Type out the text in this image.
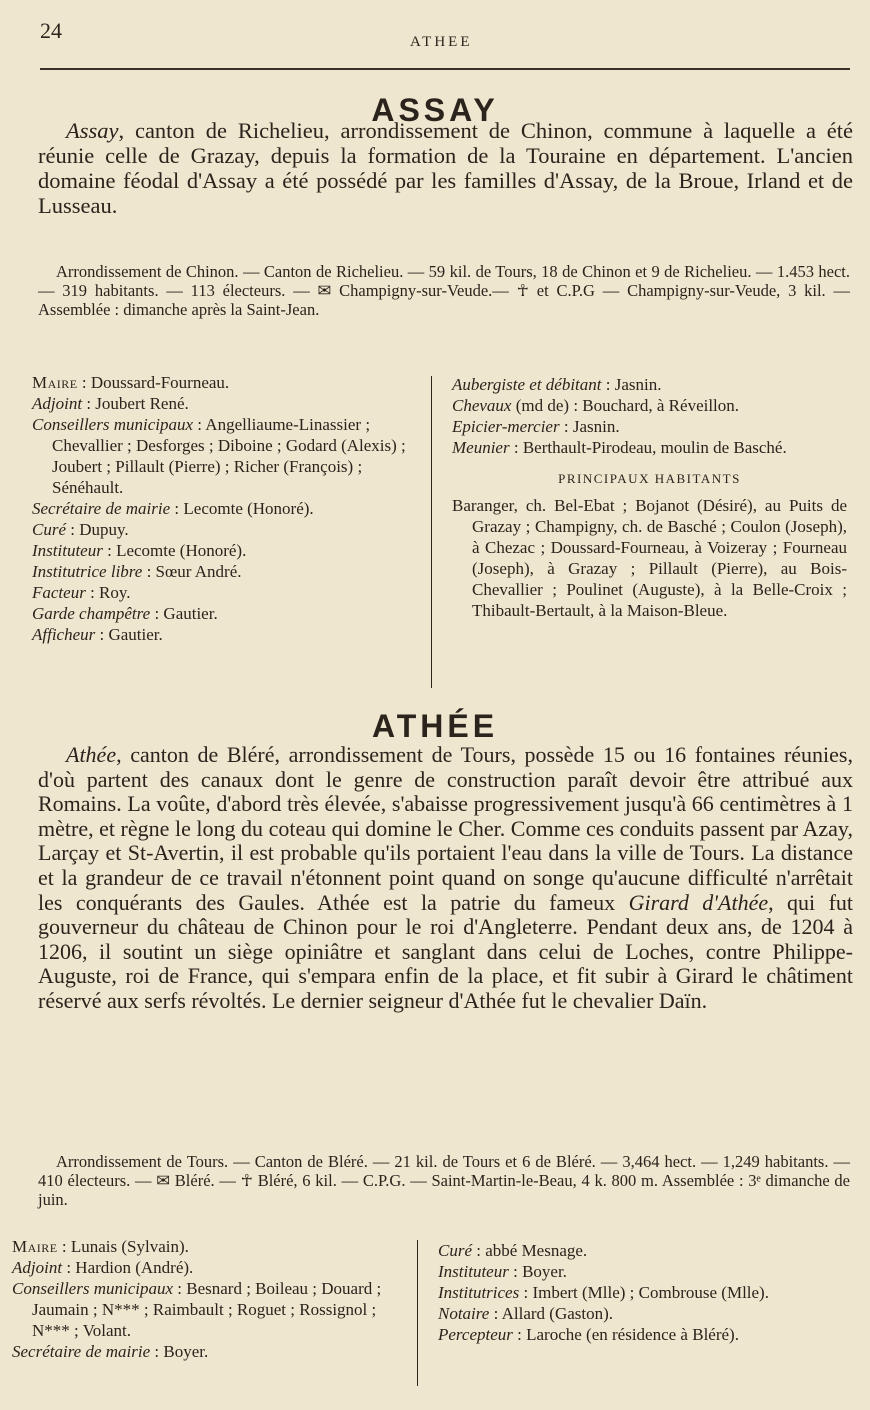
24	ATHEE
ASSAY

Assay, canton de Richelieu, arrondissement de Chinon, commune à laquelle a été réunie celle de Grazay, depuis la formation de la Touraine en département. L'ancien domaine féodal d'Assay a été possédé par les familles d'Assay, de la Broue, Irland et de Lusseau.

Arrondissement de Chinon. — Canton de Richelieu. — 59 kil. de Tours, 18 de Chinon et 9 de Richelieu. — 1.453 hect. — 319 habitants. — 113 électeurs. — ✉ Champigny-sur-Veude.— ☥ et C.P.G — Champigny-sur-Veude, 3 kil. — Assemblée : dimanche après la Saint-Jean.

Maire : Doussard-Fourneau.

Adjoint : Joubert René.

Conseillers municipaux : Angelliaume-Linassier ; Chevallier ; Desforges ; Diboine ; Godard (Alexis) ; Joubert ; Pillault (Pierre) ; Richer (François) ; Sénéhault.

Secrétaire de mairie : Lecomte (Honoré).

Curé : Dupuy.

Instituteur : Lecomte (Honoré).

Institutrice libre : Sœur André.

Facteur : Roy.

Garde champêtre : Gautier.

Afficheur : Gautier.

Aubergiste et débitant : Jasnin.

Chevaux (md de) : Bouchard, à Réveillon.

Epicier-mercier : Jasnin.

Meunier : Berthault-Pirodeau, moulin de Basché.

PRINCIPAUX HABITANTS

Baranger, ch. Bel-Ebat ; Bojanot (Désiré), au Puits de Grazay ; Champigny, ch. de Basché ; Coulon (Joseph), à Chezac ; Doussard-Fourneau, à Voizeray ; Fourneau (Joseph), à Grazay ; Pillault (Pierre), au Bois-Chevallier ; Poulinet (Auguste), à la Belle-Croix ; Thibault-Bertault, à la Maison-Bleue.

ATHÉE

Athée, canton de Bléré, arrondissement de Tours, possède 15 ou 16 fontaines réunies, d'où partent des canaux dont le genre de construction paraît devoir être attribué aux Romains. La voûte, d'abord très élevée, s'abaisse progressivement jusqu'à 66 centimètres à 1 mètre, et règne le long du coteau qui domine le Cher. Comme ces conduits passent par Azay, Larçay et St-Avertin, il est probable qu'ils portaient l'eau dans la ville de Tours. La distance et la grandeur de ce travail n'étonnent point quand on songe qu'aucune difficulté n'arrêtait les conquérants des Gaules. Athée est la patrie du fameux Girard d'Athée, qui fut gouverneur du château de Chinon pour le roi d'Angleterre. Pendant deux ans, de 1204 à 1206, il soutint un siège opiniâtre et sanglant dans celui de Loches, contre Philippe-Auguste, roi de France, qui s'empara enfin de la place, et fit subir à Girard le châtiment réservé aux serfs révoltés. Le dernier seigneur d'Athée fut le chevalier Daïn.

Arrondissement de Tours. — Canton de Bléré. — 21 kil. de Tours et 6 de Bléré. — 3,464 hect. — 1,249 habitants. — 410 électeurs. — ✉ Bléré. — ☥ Bléré, 6 kil. — C.P.G. — Saint-Martin-le-Beau, 4 k. 800 m. Assemblée : 3ᵉ dimanche de juin.

Maire : Lunais (Sylvain).

Adjoint : Hardion (André).

Conseillers municipaux : Besnard ; Boileau ; Douard ; Jaumain ; N*** ; Raimbault ; Roguet ; Rossignol ; N*** ; Volant.

Secrétaire de mairie : Boyer.

Curé : abbé Mesnage.

Instituteur : Boyer.

Institutrices : Imbert (Mlle) ; Combrouse (Mlle).

Notaire : Allard (Gaston).

Percepteur : Laroche (en résidence à Bléré).
